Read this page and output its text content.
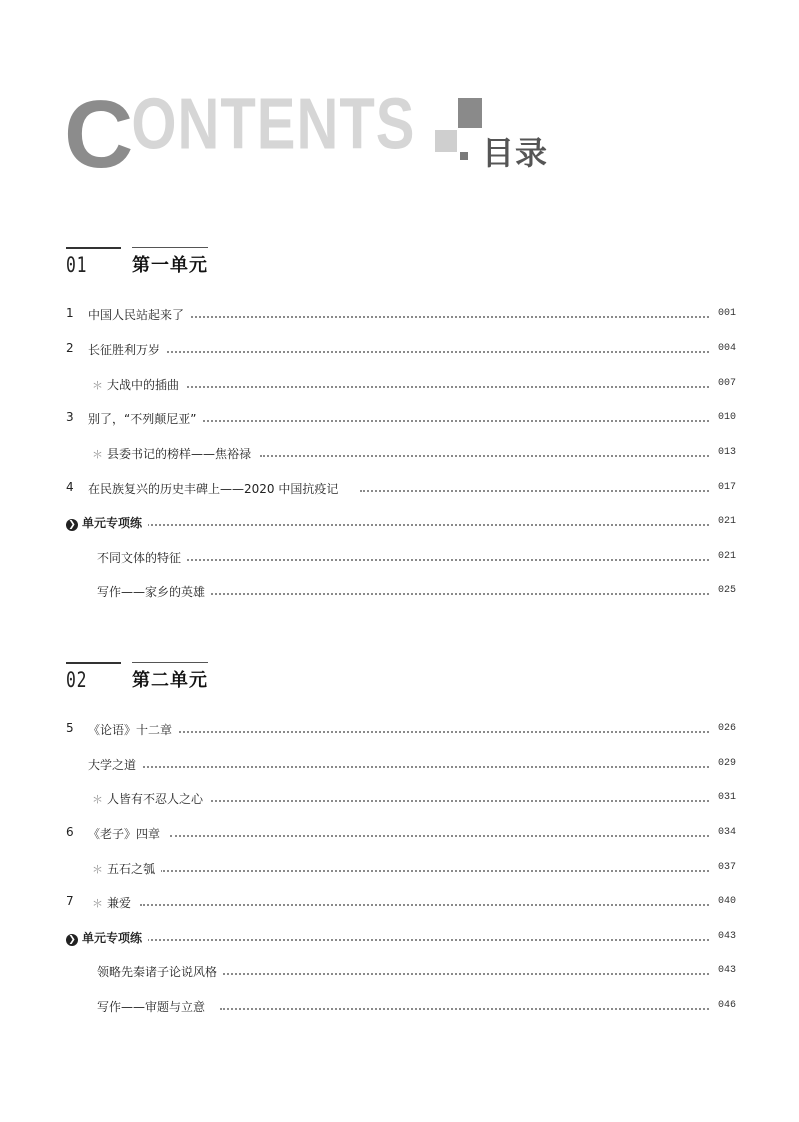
CONTENTS 目录
01 第一单元
1 中国人民站起来了	001
2 长征胜利万岁	004
＊ 大战中的插曲	007
3 别了，“不列颠尼亚”	010
＊ 县委书记的榜样——焦裕禄	013
4 在民族复兴的历史丰碑上——2020 中国抗疫记	017
❯ 单元专项练	021
不同文体的特征	021
写作——家乡的英雄	025
02 第二单元
5 《论语》十二章	026
大学之道	029
＊ 人皆有不忍人之心	031
6 《老子》四章	034
＊ 五石之瓠	037
7 ＊ 兼爱	040
❯ 单元专项练	043
领略先秦诸子论说风格	043
写作——审题与立意	046
